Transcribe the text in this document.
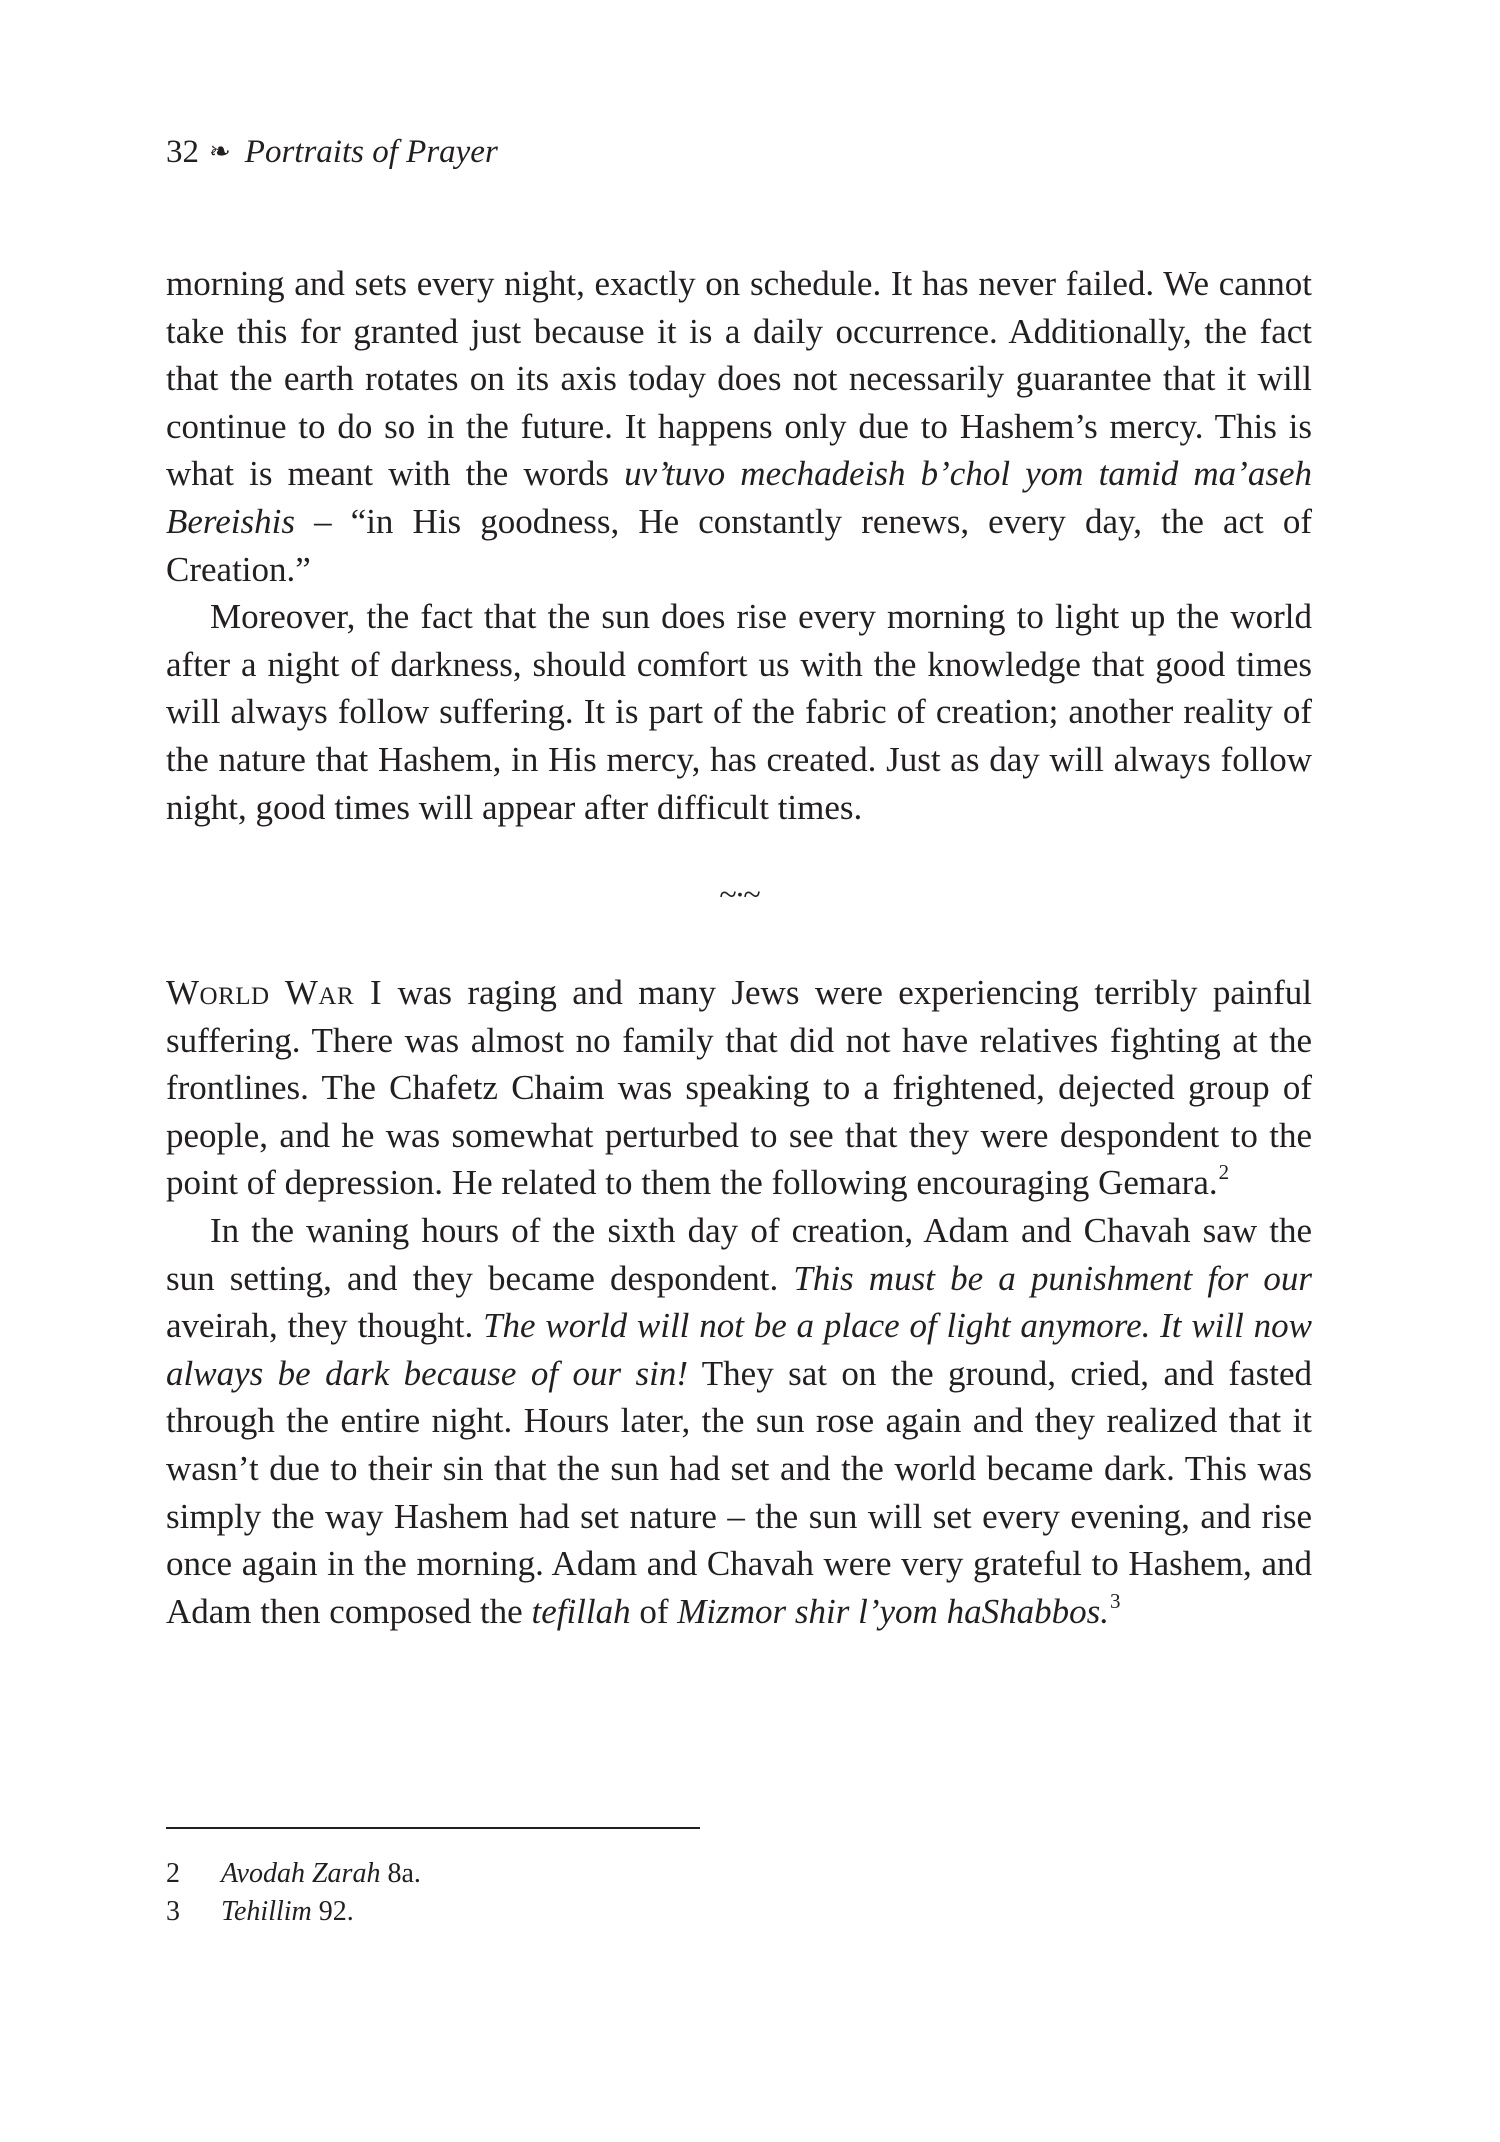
32 ❧ Portraits of Prayer

morning and sets every night, exactly on schedule. It has never failed. We cannot take this for granted just because it is a daily occurrence. Additionally, the fact that the earth rotates on its axis today does not necessarily guarantee that it will continue to do so in the future. It happens only due to Hashem’s mercy. This is what is meant with the words uv’tuvo mechadeish b’chol yom tamid ma’aseh Bereishis – “in His goodness, He constantly renews, every day, the act of Creation.”

Moreover, the fact that the sun does rise every morning to light up the world after a night of darkness, should comfort us with the knowledge that good times will always follow suffering. It is part of the fabric of creation; another reality of the nature that Hashem, in His mercy, has created. Just as day will always follow night, good times will appear after difficult times.

~·~

World War I was raging and many Jews were experiencing terribly painful suffering. There was almost no family that did not have relatives fighting at the frontlines. The Chafetz Chaim was speaking to a frightened, dejected group of people, and he was somewhat perturbed to see that they were despondent to the point of depression. He related to them the following encouraging Gemara.$^2$

In the waning hours of the sixth day of creation, Adam and Chavah saw the sun setting, and they became despondent. This must be a punishment for our aveirah, they thought. The world will not be a place of light anymore. It will now always be dark because of our sin! They sat on the ground, cried, and fasted through the entire night. Hours later, the sun rose again and they realized that it wasn’t due to their sin that the sun had set and the world became dark. This was simply the way Hashem had set nature – the sun will set every evening, and rise once again in the morning. Adam and Chavah were very grateful to Hashem, and Adam then composed the tefillah of Mizmor shir l’yom haShabbos.$^3$

2	Avodah Zarah 8a.

3	Tehillim 92.
